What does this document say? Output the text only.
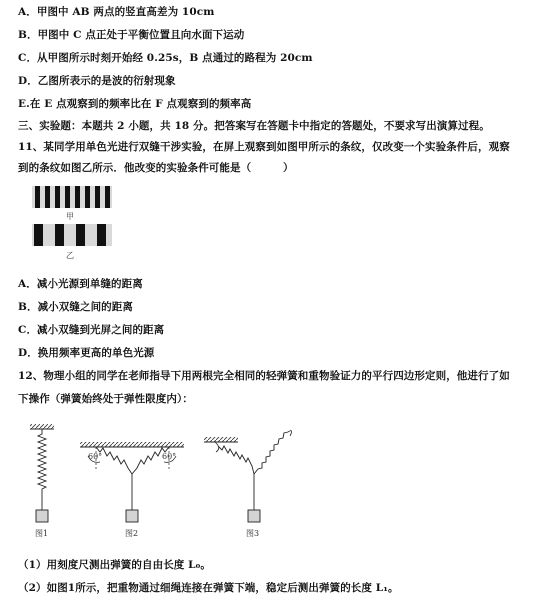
A．甲图中 AB 两点的竖直高差为 10cm
B．甲图中 C 点正处于平衡位置且向水面下运动
C．从甲图所示时刻开始经 0.25s，B 点通过的路程为 20cm
D．乙图所表示的是波的衍射现象
E.在 E 点观察到的频率比在 F 点观察到的频率高
三、实验题：本题共 2 小题，共 18 分。把答案写在答题卡中指定的答题处，不要求写出演算过程。
11、某同学用单色光进行双缝干涉实验，在屏上观察到如图甲所示的条纹，仅改变一个实验条件后，观察
到的条纹如图乙所示．他改变的实验条件可能是（　　　）
甲
乙
A．减小光源到单缝的距离
B．减小双缝之间的距离
C．减小双缝到光屏之间的距离
D．换用频率更高的单色光源
12、物理小组的同学在老师指导下用两根完全相同的轻弹簧和重物验证力的平行四边形定则，他进行了如
下操作（弹簧始终处于弹性限度内）：
60°	60°
图1	图2	图3
（1）用刻度尺测出弹簧的自由长度 L₀。
（2）如图1所示，把重物通过细绳连接在弹簧下端，稳定后测出弹簧的长度 L₁。
